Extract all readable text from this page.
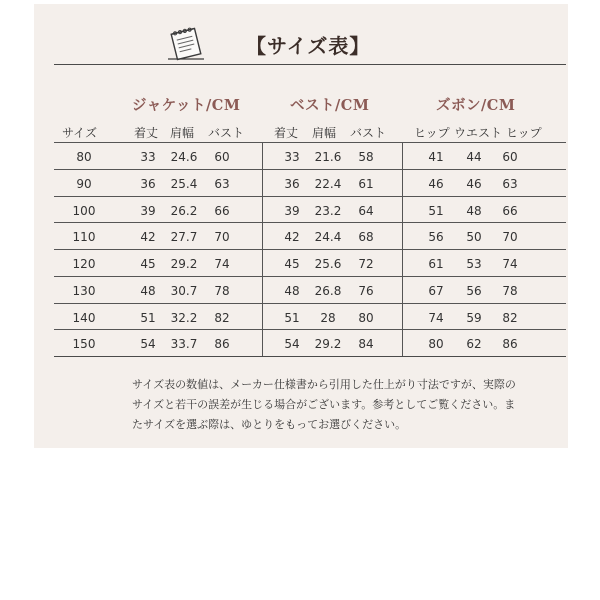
【サイズ表】
ジャケット/CM	ベスト/CM	ズボン/CM
サイズ	着丈 肩幅 バスト 着丈 肩幅 バスト ヒップ ウエスト ヒップ
80	33	24.6	60	33	21.6	58	41	44	60
90	36	25.4	63	36	22.4	61	46	46	63
100	39	26.2	66	39	23.2	64	51	48	66
110	42	27.7	70	42	24.4	68	56	50	70
120	45	29.2	74	45	25.6	72	61	53	74
130	48	30.7	78	48	26.8	76	67	56	78
140	51	32.2	82	51	28	80	74	59	82
150	54	33.7	86	54	29.2	84	80	62	86
サイズ表の数値は、メーカー仕様書から引用した仕上がり寸法ですが、実際の
サイズと若干の誤差が生じる場合がございます。参考としてご覧ください。ま
たサイズを選ぶ際は、ゆとりをもってお選びください。
